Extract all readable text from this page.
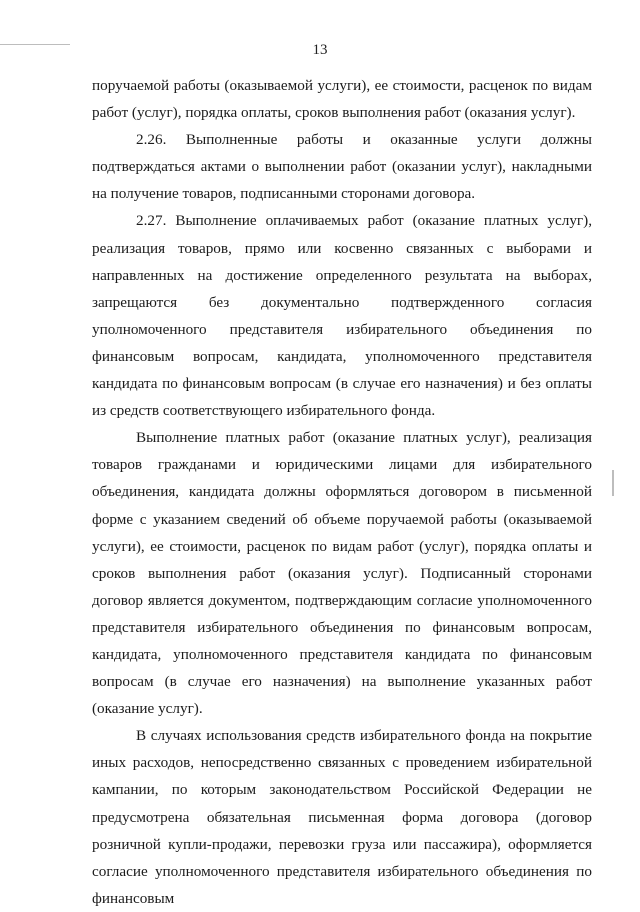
13

поручаемой работы (оказываемой услуги), ее стоимости, расценок по видам работ (услуг), порядка оплаты, сроков выполнения работ (оказания услуг).

2.26. Выполненные работы и оказанные услуги должны подтверждаться актами о выполнении работ (оказании услуг), накладными на получение товаров, подписанными сторонами договора.

2.27. Выполнение оплачиваемых работ (оказание платных услуг), реализация товаров, прямо или косвенно связанных с выборами и направленных на достижение определенного результата на выборах, запрещаются без документально подтвержденного согласия уполномоченного представителя избирательного объединения по финансовым вопросам, кандидата, уполномоченного представителя кандидата по финансовым вопросам (в случае его назначения) и без оплаты из средств соответствующего избирательного фонда.

Выполнение платных работ (оказание платных услуг), реализация товаров гражданами и юридическими лицами для избирательного объединения, кандидата должны оформляться договором в письменной форме с указанием сведений об объеме поручаемой работы (оказываемой услуги), ее стоимости, расценок по видам работ (услуг), порядка оплаты и сроков выполнения работ (оказания услуг). Подписанный сторонами договор является документом, подтверждающим согласие уполномоченного представителя избирательного объединения по финансовым вопросам, кандидата, уполномоченного представителя кандидата по финансовым вопросам (в случае его назначения) на выполнение указанных работ (оказание услуг).

В случаях использования средств избирательного фонда на покрытие иных расходов, непосредственно связанных с проведением избирательной кампании, по которым законодательством Российской Федерации не предусмотрена обязательная письменная форма договора (договор розничной купли-продажи, перевозки груза или пассажира), оформляется согласие уполномоченного представителя избирательного объединения по финансовым
